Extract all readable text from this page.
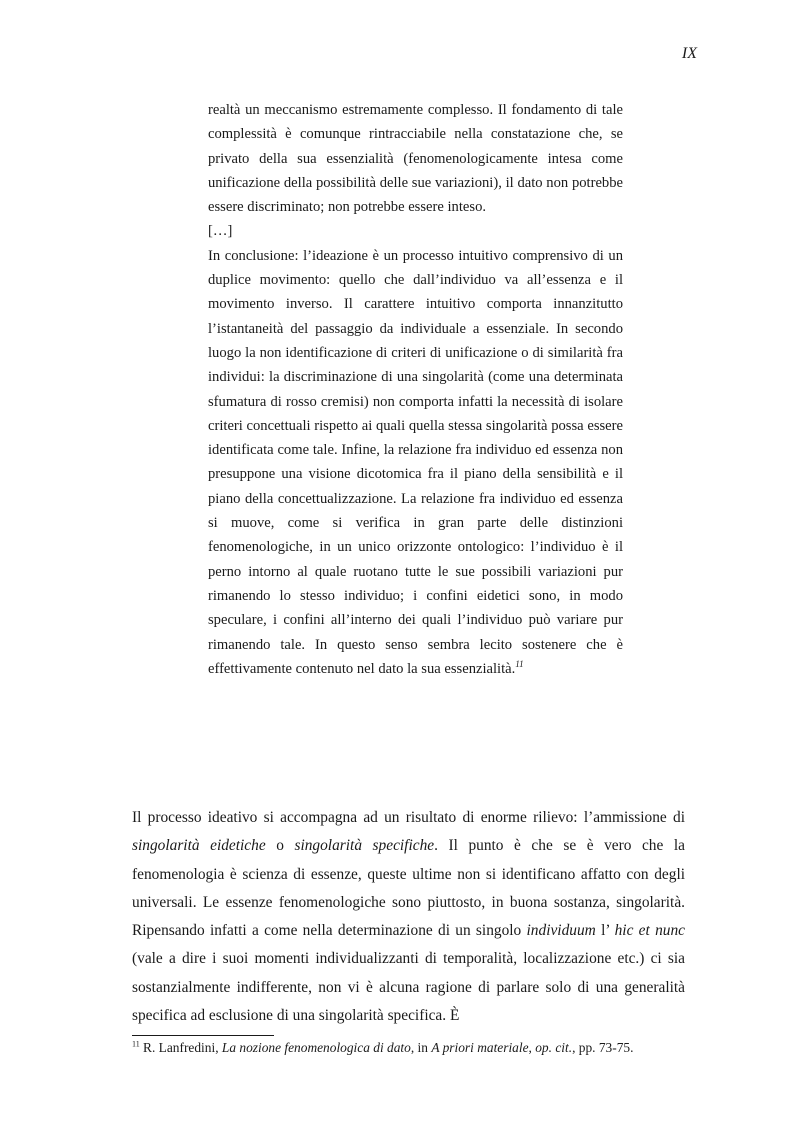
IX

realtà un meccanismo estremamente complesso. Il fondamento di tale complessità è comunque rintracciabile nella constatazione che, se privato della sua essenzialità (fenomenologicamente intesa come unificazione della possibilità delle sue variazioni), il dato non potrebbe essere discriminato; non potrebbe essere inteso.

[…]

In conclusione: l’ideazione è un processo intuitivo comprensivo di un duplice movimento: quello che dall’individuo va all’essenza e il movimento inverso. Il carattere intuitivo comporta innanzitutto l’istantaneità del passaggio da individuale a essenziale. In secondo luogo la non identificazione di criteri di unificazione o di similarità fra individui: la discriminazione di una singolarità (come una determinata sfumatura di rosso cremisi) non comporta infatti la necessità di isolare criteri concettuali rispetto ai quali quella stessa singolarità possa essere identificata come tale. Infine, la relazione fra individuo ed essenza non presuppone una visione dicotomica fra il piano della sensibilità e il piano della concettualizzazione. La relazione fra individuo ed essenza si muove, come si verifica in gran parte delle distinzioni fenomenologiche, in un unico orizzonte ontologico: l’individuo è il perno intorno al quale ruotano tutte le sue possibili variazioni pur rimanendo lo stesso individuo; i confini eidetici sono, in modo speculare, i confini all’interno dei quali l’individuo può variare pur rimanendo tale. In questo senso sembra lecito sostenere che è effettivamente contenuto nel dato la sua essenzialità.$^{11}$

Il processo ideativo si accompagna ad un risultato di enorme rilievo: l’ammissione di singolarità eidetiche o singolarità specifiche. Il punto è che se è vero che la fenomenologia è scienza di essenze, queste ultime non si identificano affatto con degli universali. Le essenze fenomenologiche sono piuttosto, in buona sostanza, singolarità. Ripensando infatti a come nella determinazione di un singolo individuum l’ hic et nunc (vale a dire i suoi momenti individualizzanti di temporalità, localizzazione etc.) ci sia sostanzialmente indifferente, non vi è alcuna ragione di parlare solo di una generalità specifica ad esclusione di una singolarità specifica. È

$^{11}$ R. Lanfredini, La nozione fenomenologica di dato, in A priori materiale, op. cit., pp. 73-75.
